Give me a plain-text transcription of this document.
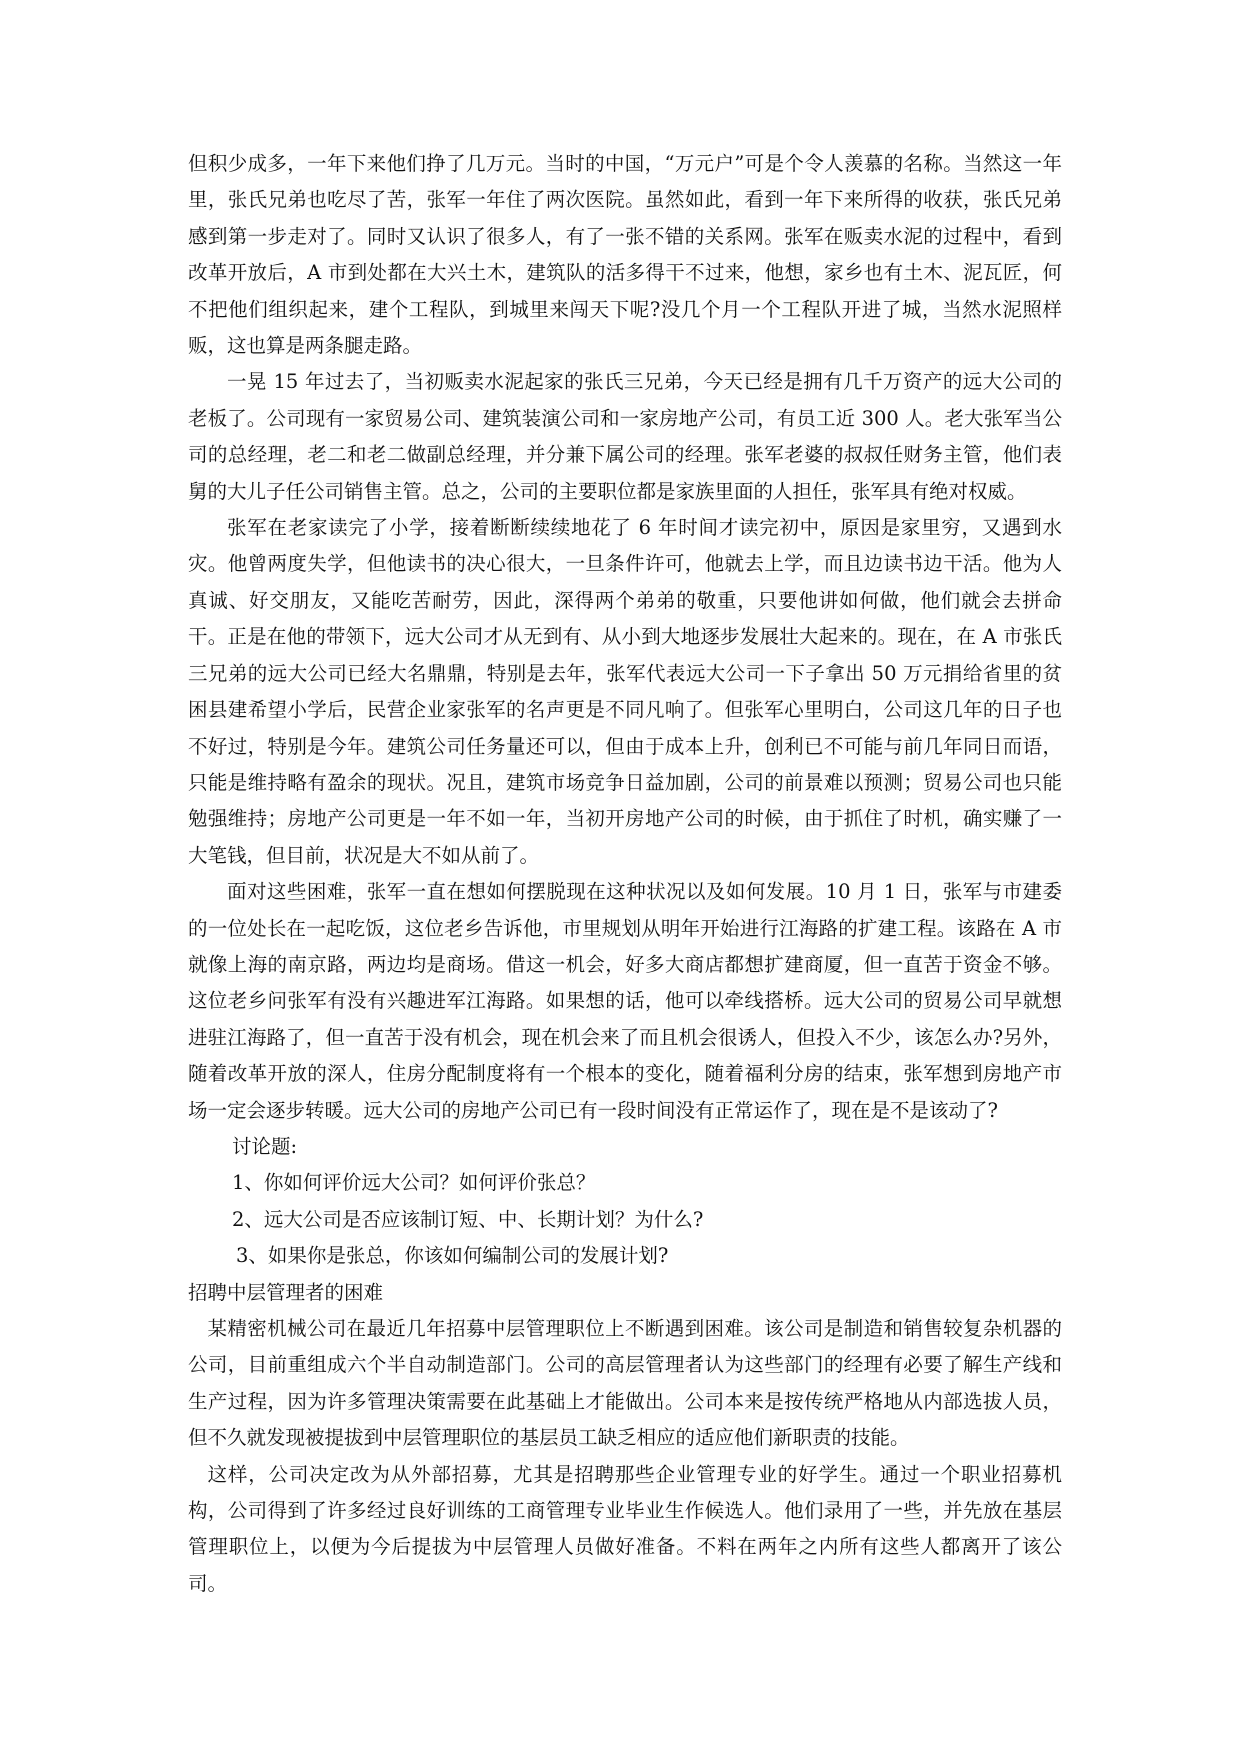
但积少成多，一年下来他们挣了几万元。当时的中国，“万元户”可是个令人羡慕的名称。当然这一年里，张氏兄弟也吃尽了苦，张军一年住了两次医院。虽然如此，看到一年下来所得的收获，张氏兄弟感到第一步走对了。同时又认识了很多人，有了一张不错的关系网。张军在贩卖水泥的过程中，看到改革开放后，A 市到处都在大兴土木，建筑队的活多得干不过来，他想，家乡也有土木、泥瓦匠，何不把他们组织起来，建个工程队，到城里来闯天下呢?没几个月一个工程队开进了城，当然水泥照样贩，这也算是两条腿走路。

一晃 15 年过去了，当初贩卖水泥起家的张氏三兄弟，今天已经是拥有几千万资产的远大公司的老板了。公司现有一家贸易公司、建筑装演公司和一家房地产公司，有员工近 300 人。老大张军当公司的总经理，老二和老二做副总经理，并分兼下属公司的经理。张军老婆的叔叔任财务主管，他们表舅的大儿子任公司销售主管。总之，公司的主要职位都是家族里面的人担任，张军具有绝对权威。

张军在老家读完了小学，接着断断续续地花了 6 年时间才读完初中，原因是家里穷，又遇到水灾。他曾两度失学，但他读书的决心很大，一旦条件许可，他就去上学，而且边读书边干活。他为人真诚、好交朋友，又能吃苦耐劳，因此，深得两个弟弟的敬重，只要他讲如何做，他们就会去拼命干。正是在他的带领下，远大公司才从无到有、从小到大地逐步发展壮大起来的。现在，在 A 市张氏三兄弟的远大公司已经大名鼎鼎，特别是去年，张军代表远大公司一下子拿出 50 万元捐给省里的贫困县建希望小学后，民营企业家张军的名声更是不同凡响了。但张军心里明白，公司这几年的日子也不好过，特别是今年。建筑公司任务量还可以，但由于成本上升，创利已不可能与前几年同日而语，只能是维持略有盈余的现状。况且，建筑市场竞争日益加剧，公司的前景难以预测；贸易公司也只能勉强维持；房地产公司更是一年不如一年，当初开房地产公司的时候，由于抓住了时机，确实赚了一大笔钱，但目前，状况是大不如从前了。

面对这些困难，张军一直在想如何摆脱现在这种状况以及如何发展。10 月 1 日，张军与市建委的一位处长在一起吃饭，这位老乡告诉他，市里规划从明年开始进行江海路的扩建工程。该路在 A 市就像上海的南京路，两边均是商场。借这一机会，好多大商店都想扩建商厦，但一直苦于资金不够。这位老乡问张军有没有兴趣进军江海路。如果想的话，他可以牵线搭桥。远大公司的贸易公司早就想进驻江海路了，但一直苦于没有机会，现在机会来了而且机会很诱人，但投入不少，该怎么办?另外，随着改革开放的深人，住房分配制度将有一个根本的变化，随着福利分房的结束，张军想到房地产市场一定会逐步转暖。远大公司的房地产公司已有一段时间没有正常运作了，现在是不是该动了?

讨论题:

1、你如何评价远大公司？如何评价张总？

2、远大公司是否应该制订短、中、长期计划？为什么?

3、如果你是张总，你该如何编制公司的发展计划?

招聘中层管理者的困难

某精密机械公司在最近几年招募中层管理职位上不断遇到困难。该公司是制造和销售较复杂机器的公司，目前重组成六个半自动制造部门。公司的高层管理者认为这些部门的经理有必要了解生产线和生产过程，因为许多管理决策需要在此基础上才能做出。公司本来是按传统严格地从内部选拔人员，但不久就发现被提拔到中层管理职位的基层员工缺乏相应的适应他们新职责的技能。

这样，公司决定改为从外部招募，尤其是招聘那些企业管理专业的好学生。通过一个职业招募机构，公司得到了许多经过良好训练的工商管理专业毕业生作候选人。他们录用了一些，并先放在基层管理职位上，以便为今后提拔为中层管理人员做好准备。不料在两年之内所有这些人都离开了该公司。
